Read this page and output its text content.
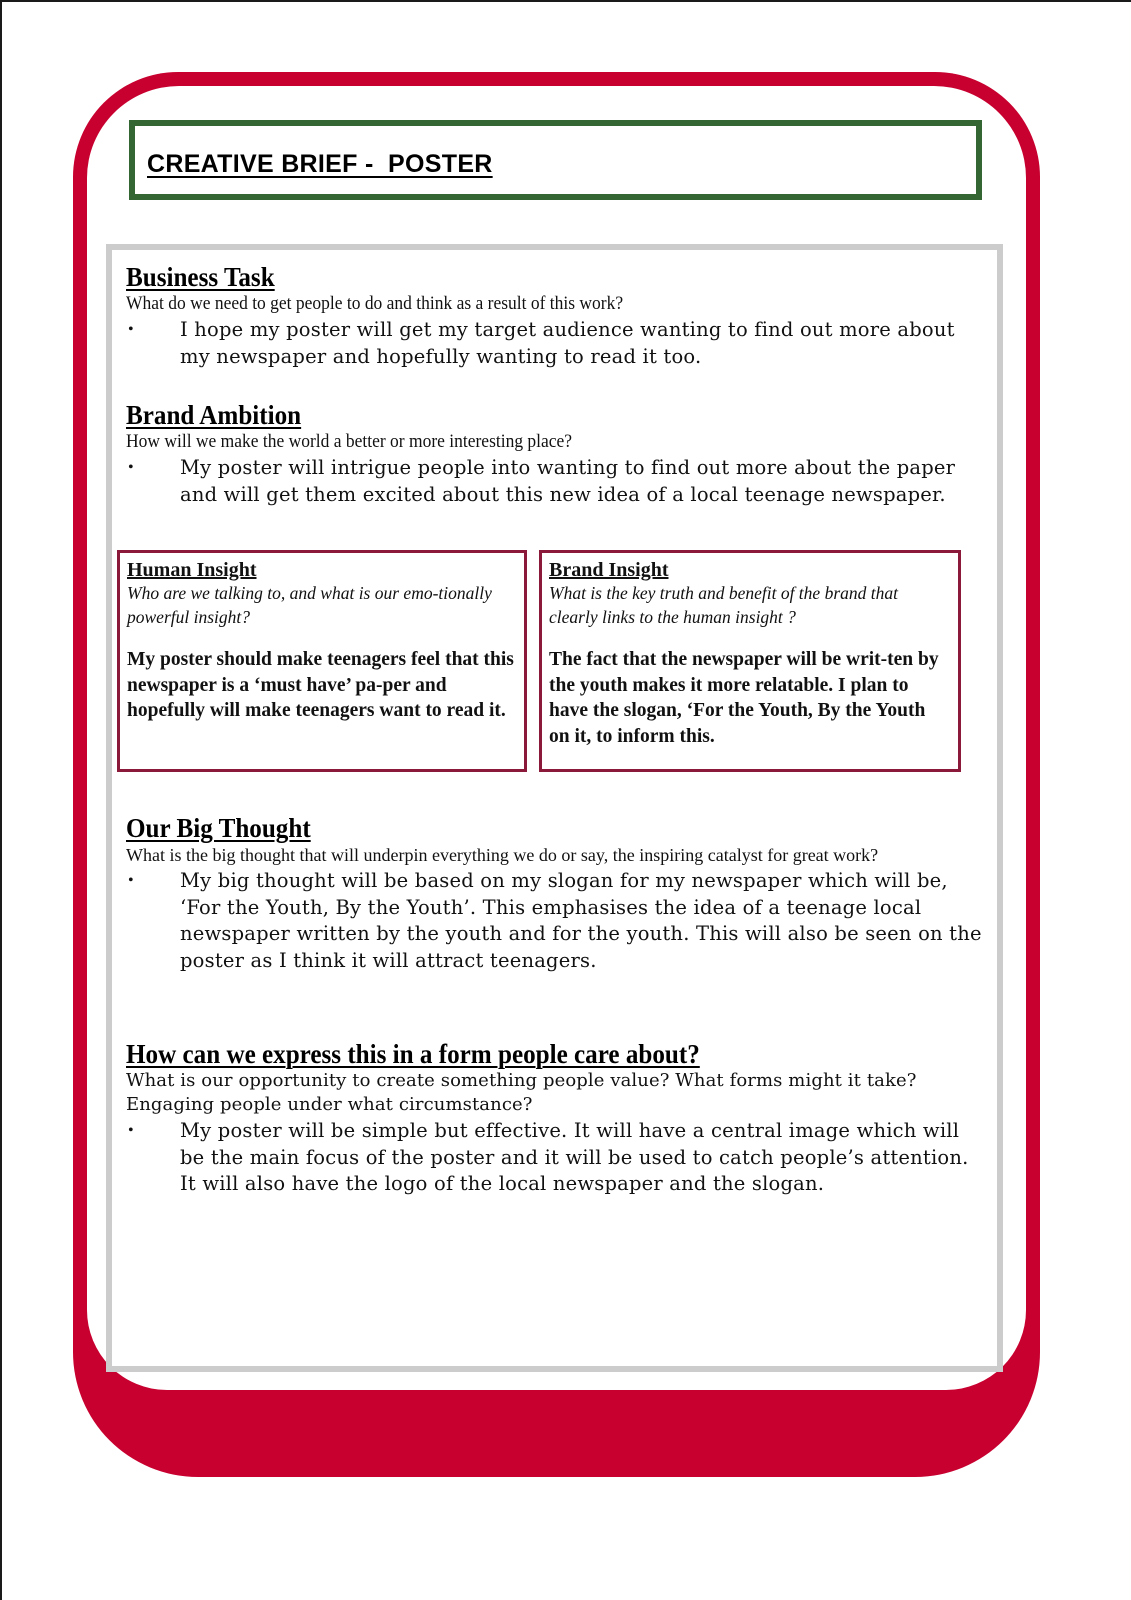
CREATIVE BRIEF -  POSTER
Business Task
What do we need to get people to do and think as a result of this work?
•	I hope my poster will get my target audience wanting to find out more about my newspaper and hopefully wanting to read it too.
Brand Ambition
How will we make the world a better or more interesting place?
•	My poster will intrigue people into wanting to find out more about the paper and will get them excited about this new idea of a local teenage newspaper.
Human Insight
Who are we talking to, and what is our emo-tionally powerful insight?
My poster should make teenagers feel that this newspaper is a ‘must have’ pa-per and hopefully will make teenagers want to read it.
Brand Insight
What is the key truth and benefit of the brand that clearly links to the human insight ?
The fact that the newspaper will be writ-ten by the youth makes it more relatable. I plan to have the slogan, ‘For the Youth, By the Youth on it, to inform this.
Our Big Thought
What is the big thought that will underpin everything we do or say, the inspiring catalyst for great work?
•	My big thought will be based on my slogan for my newspaper which will be, ‘For the Youth, By the Youth’. This emphasises the idea of a teenage local newspaper written by the youth and for the youth. This will also be seen on the poster as I think it will attract teenagers.
How can we express this in a form people care about?
What is our opportunity to create something people value? What forms might it take? Engaging people under what circumstance?
•	My poster will be simple but effective. It will have a central image which will be the main focus of the poster and it will be used to catch people’s attention. It will also have the logo of the local newspaper and the slogan.
